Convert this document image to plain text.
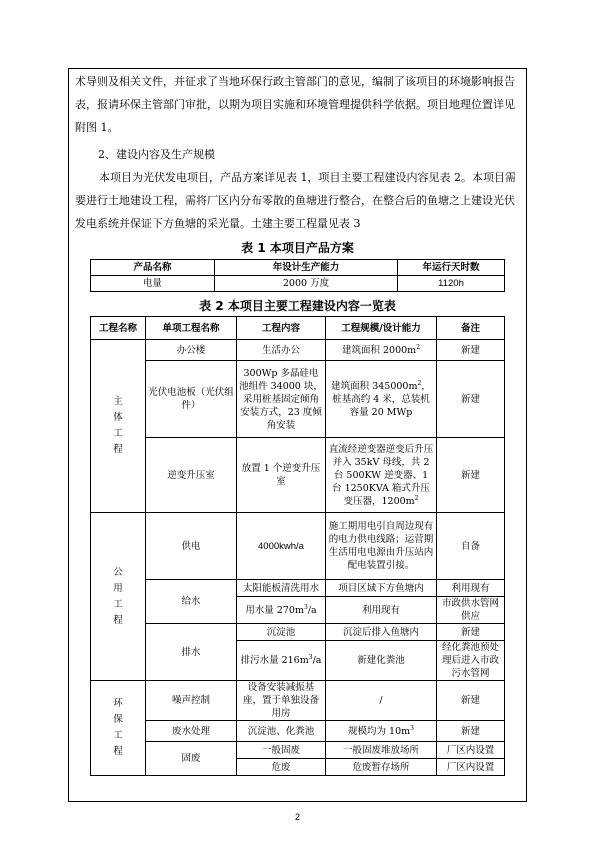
术导则及相关文件，并征求了当地环保行政主管部门的意见，编制了该项目的环境影响报告表，报请环保主管部门审批，以期为项目实施和环境管理提供科学依据。项目地理位置详见附图 1。

2、建设内容及生产规模

本项目为光伏发电项目，产品方案详见表 1，项目主要工程建设内容见表 2。本项目需要进行土地建设工程，需将厂区内分布零散的鱼塘进行整合，在整合后的鱼塘之上建设光伏发电系统并保证下方鱼塘的采光量。土建主要工程量见表 3

表 1 本项目产品方案

产品名称	年设计生产能力	年运行天时数
电量	2000 万度	1120h

表 2 本项目主要工程建设内容一览表

工程名称	单项工程名称	工程内容	工程规模/设计能力	备注
主
体
工
程	办公楼	生活办公	建筑面积 $2000m^2$	新建
	光伏电池板（光伏组件）	300Wp 多晶硅电池组件 34000 块，采用桩基固定倾角安装方式，23 度倾角安装	建筑面积 $345000m^2$，桩基高约 4 米，总装机容量 20 MWp	新建
	逆变升压室	放置 1 个逆变升压室	直流经逆变器逆变后升压并入 35kV 母线，共 2 台 500KW 逆变器、1 台 1250KVA 箱式升压变压器，$1200m^2$	新建
公
用
工
程	供电	4000kwh/a	施工期用电引自周边现有的电力供电线路；运营期生活用电电源由升压站内配电装置引接。	自备
	给水	太阳能板清洗用水	项目区域下方鱼塘内	利用现有
		用水量 $270m^3/a$	利用现有	市政供水管网供应
	排水	沉淀池	沉淀后排入鱼塘内	新建
		排污水量 $216m^3/a$	新建化粪池	经化粪池预处理后进入市政污水管网
环
保
工
程	噪声控制	设备安装减振基座，置于单独设备用房	/	新建
	废水处理	沉淀池、化粪池	规模均为 $10m^3$	新建
	固废	一般固废	一般固废堆放场所	厂区内设置
		危废	危废暂存场所	厂区内设置
2
